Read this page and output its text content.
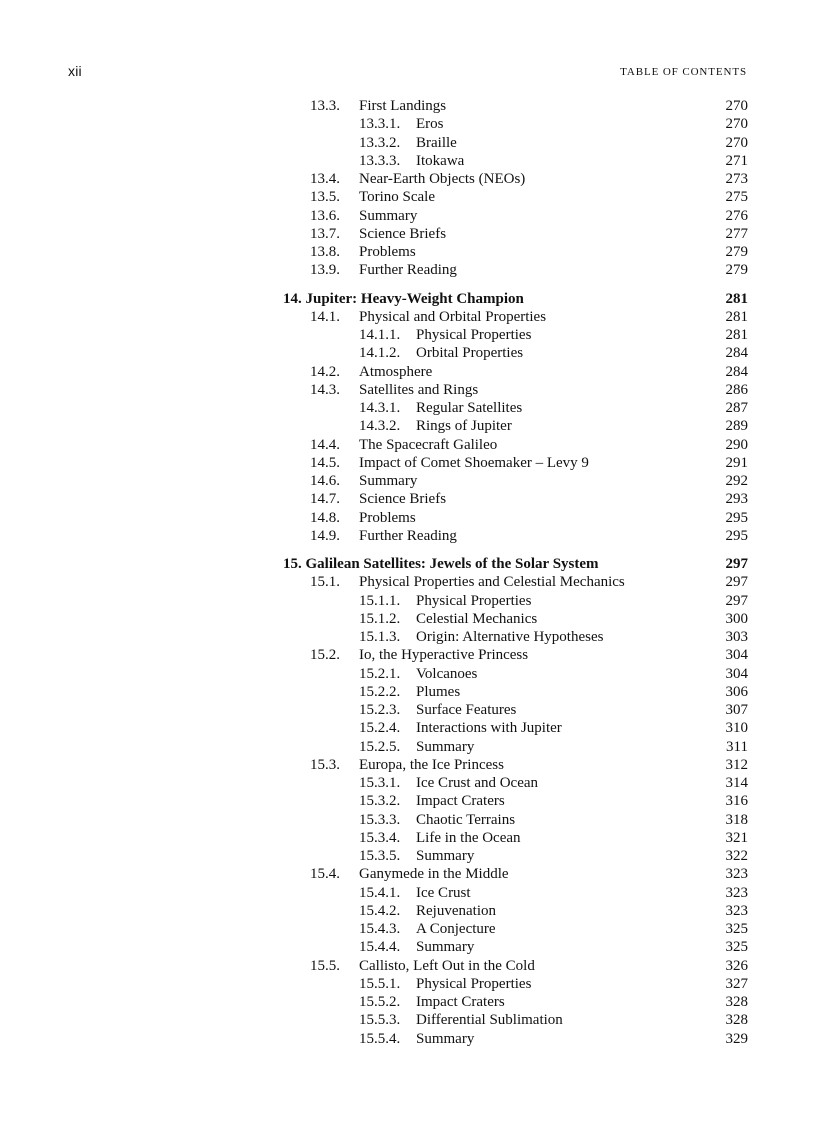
xii	TABLE OF CONTENTS
13.3. First Landings	270
13.3.1. Eros	270
13.3.2. Braille	270
13.3.3. Itokawa	271
13.4. Near-Earth Objects (NEOs)	273
13.5. Torino Scale	275
13.6. Summary	276
13.7. Science Briefs	277
13.8. Problems	279
13.9. Further Reading	279
14. Jupiter: Heavy-Weight Champion	281
14.1. Physical and Orbital Properties	281
14.1.1. Physical Properties	281
14.1.2. Orbital Properties	284
14.2. Atmosphere	284
14.3. Satellites and Rings	286
14.3.1. Regular Satellites	287
14.3.2. Rings of Jupiter	289
14.4. The Spacecraft Galileo	290
14.5. Impact of Comet Shoemaker – Levy 9	291
14.6. Summary	292
14.7. Science Briefs	293
14.8. Problems	295
14.9. Further Reading	295
15. Galilean Satellites: Jewels of the Solar System	297
15.1. Physical Properties and Celestial Mechanics	297
15.1.1. Physical Properties	297
15.1.2. Celestial Mechanics	300
15.1.3. Origin: Alternative Hypotheses	303
15.2. Io, the Hyperactive Princess	304
15.2.1. Volcanoes	304
15.2.2. Plumes	306
15.2.3. Surface Features	307
15.2.4. Interactions with Jupiter	310
15.2.5. Summary	311
15.3. Europa, the Ice Princess	312
15.3.1. Ice Crust and Ocean	314
15.3.2. Impact Craters	316
15.3.3. Chaotic Terrains	318
15.3.4. Life in the Ocean	321
15.3.5. Summary	322
15.4. Ganymede in the Middle	323
15.4.1. Ice Crust	323
15.4.2. Rejuvenation	323
15.4.3. A Conjecture	325
15.4.4. Summary	325
15.5. Callisto, Left Out in the Cold	326
15.5.1. Physical Properties	327
15.5.2. Impact Craters	328
15.5.3. Differential Sublimation	328
15.5.4. Summary	329
